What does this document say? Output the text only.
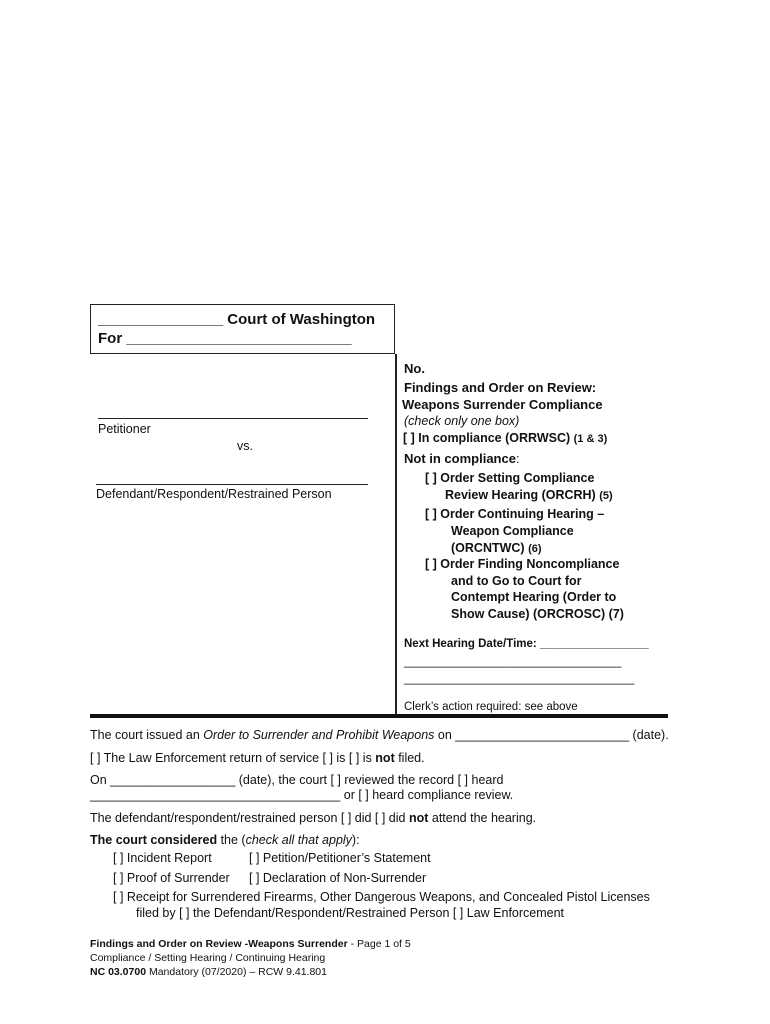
_______________ Court of Washington
For ___________________________
Petitioner
vs.
Defendant/Respondent/Restrained Person
No.
Findings and Order on Review:
Weapons Surrender Compliance
(check only one box)
[ ] In compliance (ORRWSC) (1 & 3)
Not in compliance:
[ ] Order Setting Compliance
Review Hearing (ORCRH) (5)
[ ] Order Continuing Hearing –
Weapon Compliance
(ORCNTWC) (6)
[ ] Order Finding Noncompliance
and to Go to Court for
Contempt Hearing (Order to
Show Cause) (ORCROSC) (7)
Next Hearing Date/Time: _________________
__________________________________
____________________________________
Clerk’s action required: see above
The court issued an Order to Surrender and Prohibit Weapons on _________________________ (date).
[ ] The Law Enforcement return of service [ ] is [ ] is not filed.
On __________________ (date), the court [ ] reviewed the record [ ] heard
____________________________________ or [ ] heard compliance review.
The defendant/respondent/restrained person [ ] did [ ] did not attend the hearing.
The court considered the (check all that apply):
[ ] Incident Report	[ ] Petition/Petitioner’s Statement
[ ] Proof of Surrender [ ] Declaration of Non-Surrender
[ ] Receipt for Surrendered Firearms, Other Dangerous Weapons, and Concealed Pistol Licenses
filed by [ ] the Defendant/Respondent/Restrained Person [ ] Law Enforcement
Findings and Order on Review -Weapons Surrender - Page 1 of 5
Compliance / Setting Hearing / Continuing Hearing
NC 03.0700 Mandatory (07/2020) – RCW 9.41.801
